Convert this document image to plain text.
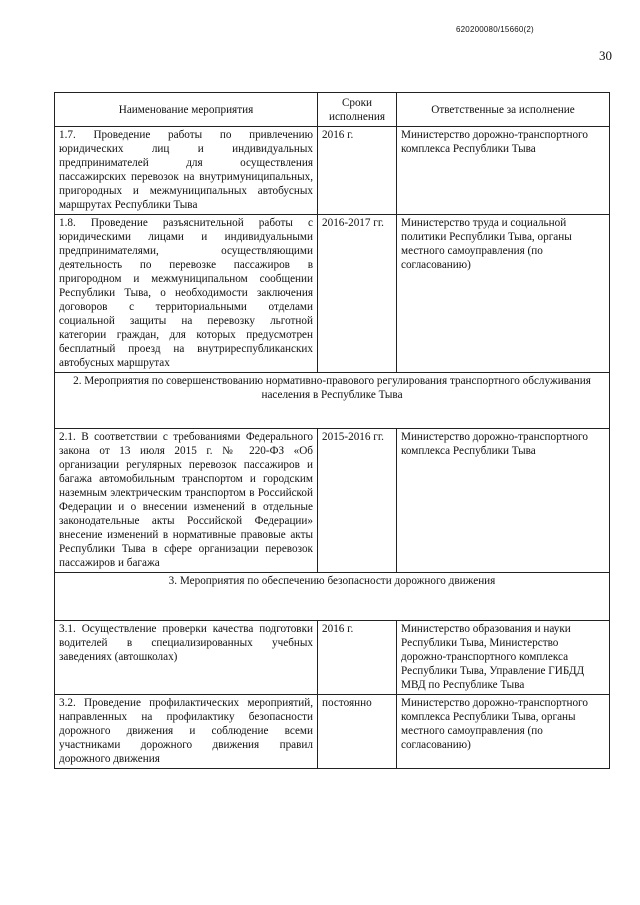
620200080/15660(2)
30
Наименование мероприятия	Сроки исполнения	Ответственные за исполнение
1.7. Проведение работы по привлечению юридических лиц и индивидуальных предпринимателей для осуществления пассажирских перевозок на внутримуниципальных, пригородных и межмуниципальных автобусных маршрутах Республики Тыва	2016 г.	Министерство дорожно-транспортного комплекса Республики Тыва
1.8. Проведение разъяснительной работы с юридическими лицами и индивидуальными предпринимателями, осуществляющими деятельность по перевозке пассажиров в пригородном и межмуниципальном сообщении Республики Тыва, о необходимости заключения договоров с территориальными отделами социальной защиты на перевозку льготной категории граждан, для которых предусмотрен бесплатный проезд на внутриреспубликанских автобусных маршрутах	2016-2017 гг.	Министерство труда и социальной политики Республики Тыва, органы местного самоуправления (по согласованию)
2. Мероприятия по совершенствованию нормативно-правового регулирования транспортного обслуживания населения в Республике Тыва		
2.1. В соответствии с требованиями Федерального закона от 13 июля 2015 г. № 220-ФЗ «Об организации регулярных перевозок пассажиров и багажа автомобильным транспортом и городским наземным электрическим транспортом в Российской Федерации и о внесении изменений в отдельные законодательные акты Российской Федерации» внесение изменений в нормативные правовые акты Республики Тыва в сфере организации перевозок пассажиров и багажа	2015-2016 гг.	Министерство дорожно-транспортного комплекса Республики Тыва
3. Мероприятия по обеспечению безопасности дорожного движения		
3.1. Осуществление проверки качества подготовки водителей в специализированных учебных заведениях (автошколах)	2016 г.	Министерство образования и науки Республики Тыва, Министерство дорожно-транспортного комплекса Республики Тыва, Управление ГИБДД МВД по Республике Тыва
3.2. Проведение профилактических мероприятий, направленных на профилактику безопасности дорожного движения и соблюдение всеми участниками дорожного движения правил дорожного движения	постоянно	Министерство дорожно-транспортного комплекса Республики Тыва, органы местного самоуправления (по согласованию)
